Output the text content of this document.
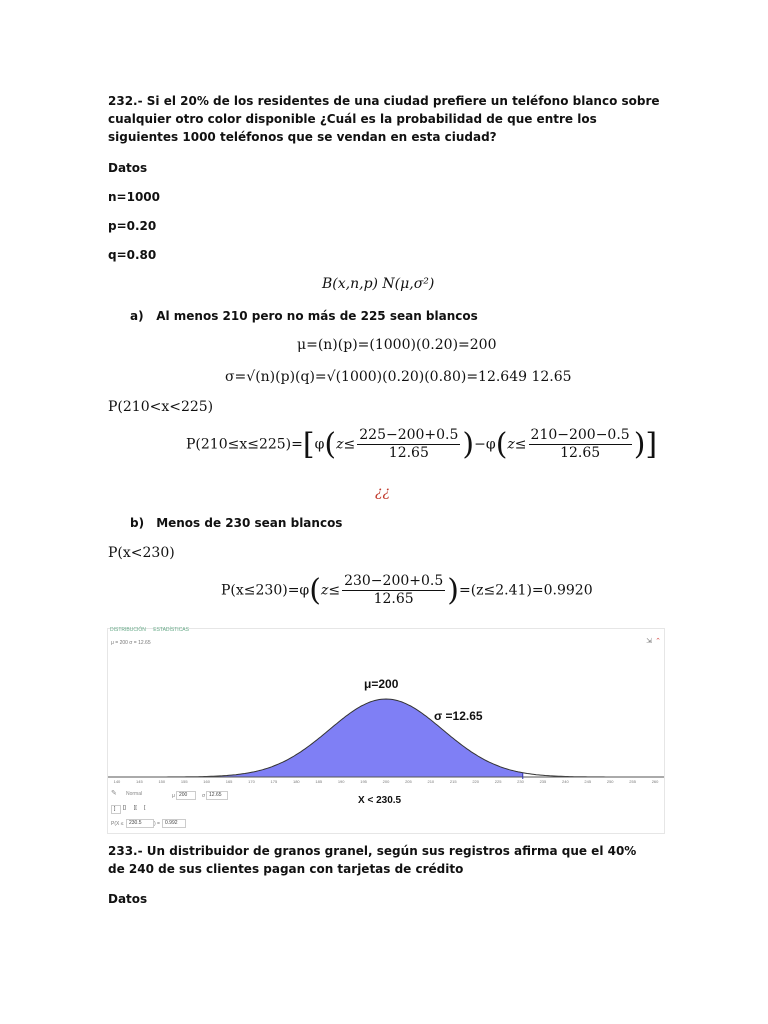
232.- Si el 20% de los residentes de una ciudad prefiere un teléfono blanco sobre cualquier otro color disponible ¿Cuál es la probabilidad de que entre los siguientes 1000 teléfonos que se vendan en esta ciudad?
Datos
n=1000
p=0.20
q=0.80
B(x,n,p) N(μ,σ²)
a) Al menos 210 pero no más de 225 sean blancos
μ=(n)(p)=(1000)(0.20)=200
σ=√(n)(p)(q)=√(1000)(0.20)(0.80)=12.649 12.65
P(210<x<225)
$P(210\le x\le 225)=[\varphi(z\le \frac{225-200+0.5}{12.65} )-\varphi(z\le \frac{210-200-0.5}{12.65}$ )]
¿¿
b) Menos de 230 sean blancos
P(x<230)
$P(x\le 230)=\varphi(z\le \frac{230-200+0.5}{12.65} )=(z\le 2.41)=0.9920$
DISTRIBUCIÓN ESTADÍSTICAS
μ = 200 σ = 12.65	⇲ ⌃
140	145	150	155	160	165	170	175	180	185	190	195	200	205	210	215	220	225	230	235	240	245	250	255	260
μ=200
σ =12.65
X < 230.5
✎	Normal	μ 200	σ 12.65
]	[]	][	[
P(X ≤	230.5	) =	0.992
233.- Un distribuidor de granos granel, según sus registros afirma que el 40% de 240 de sus clientes pagan con tarjetas de crédito
Datos
